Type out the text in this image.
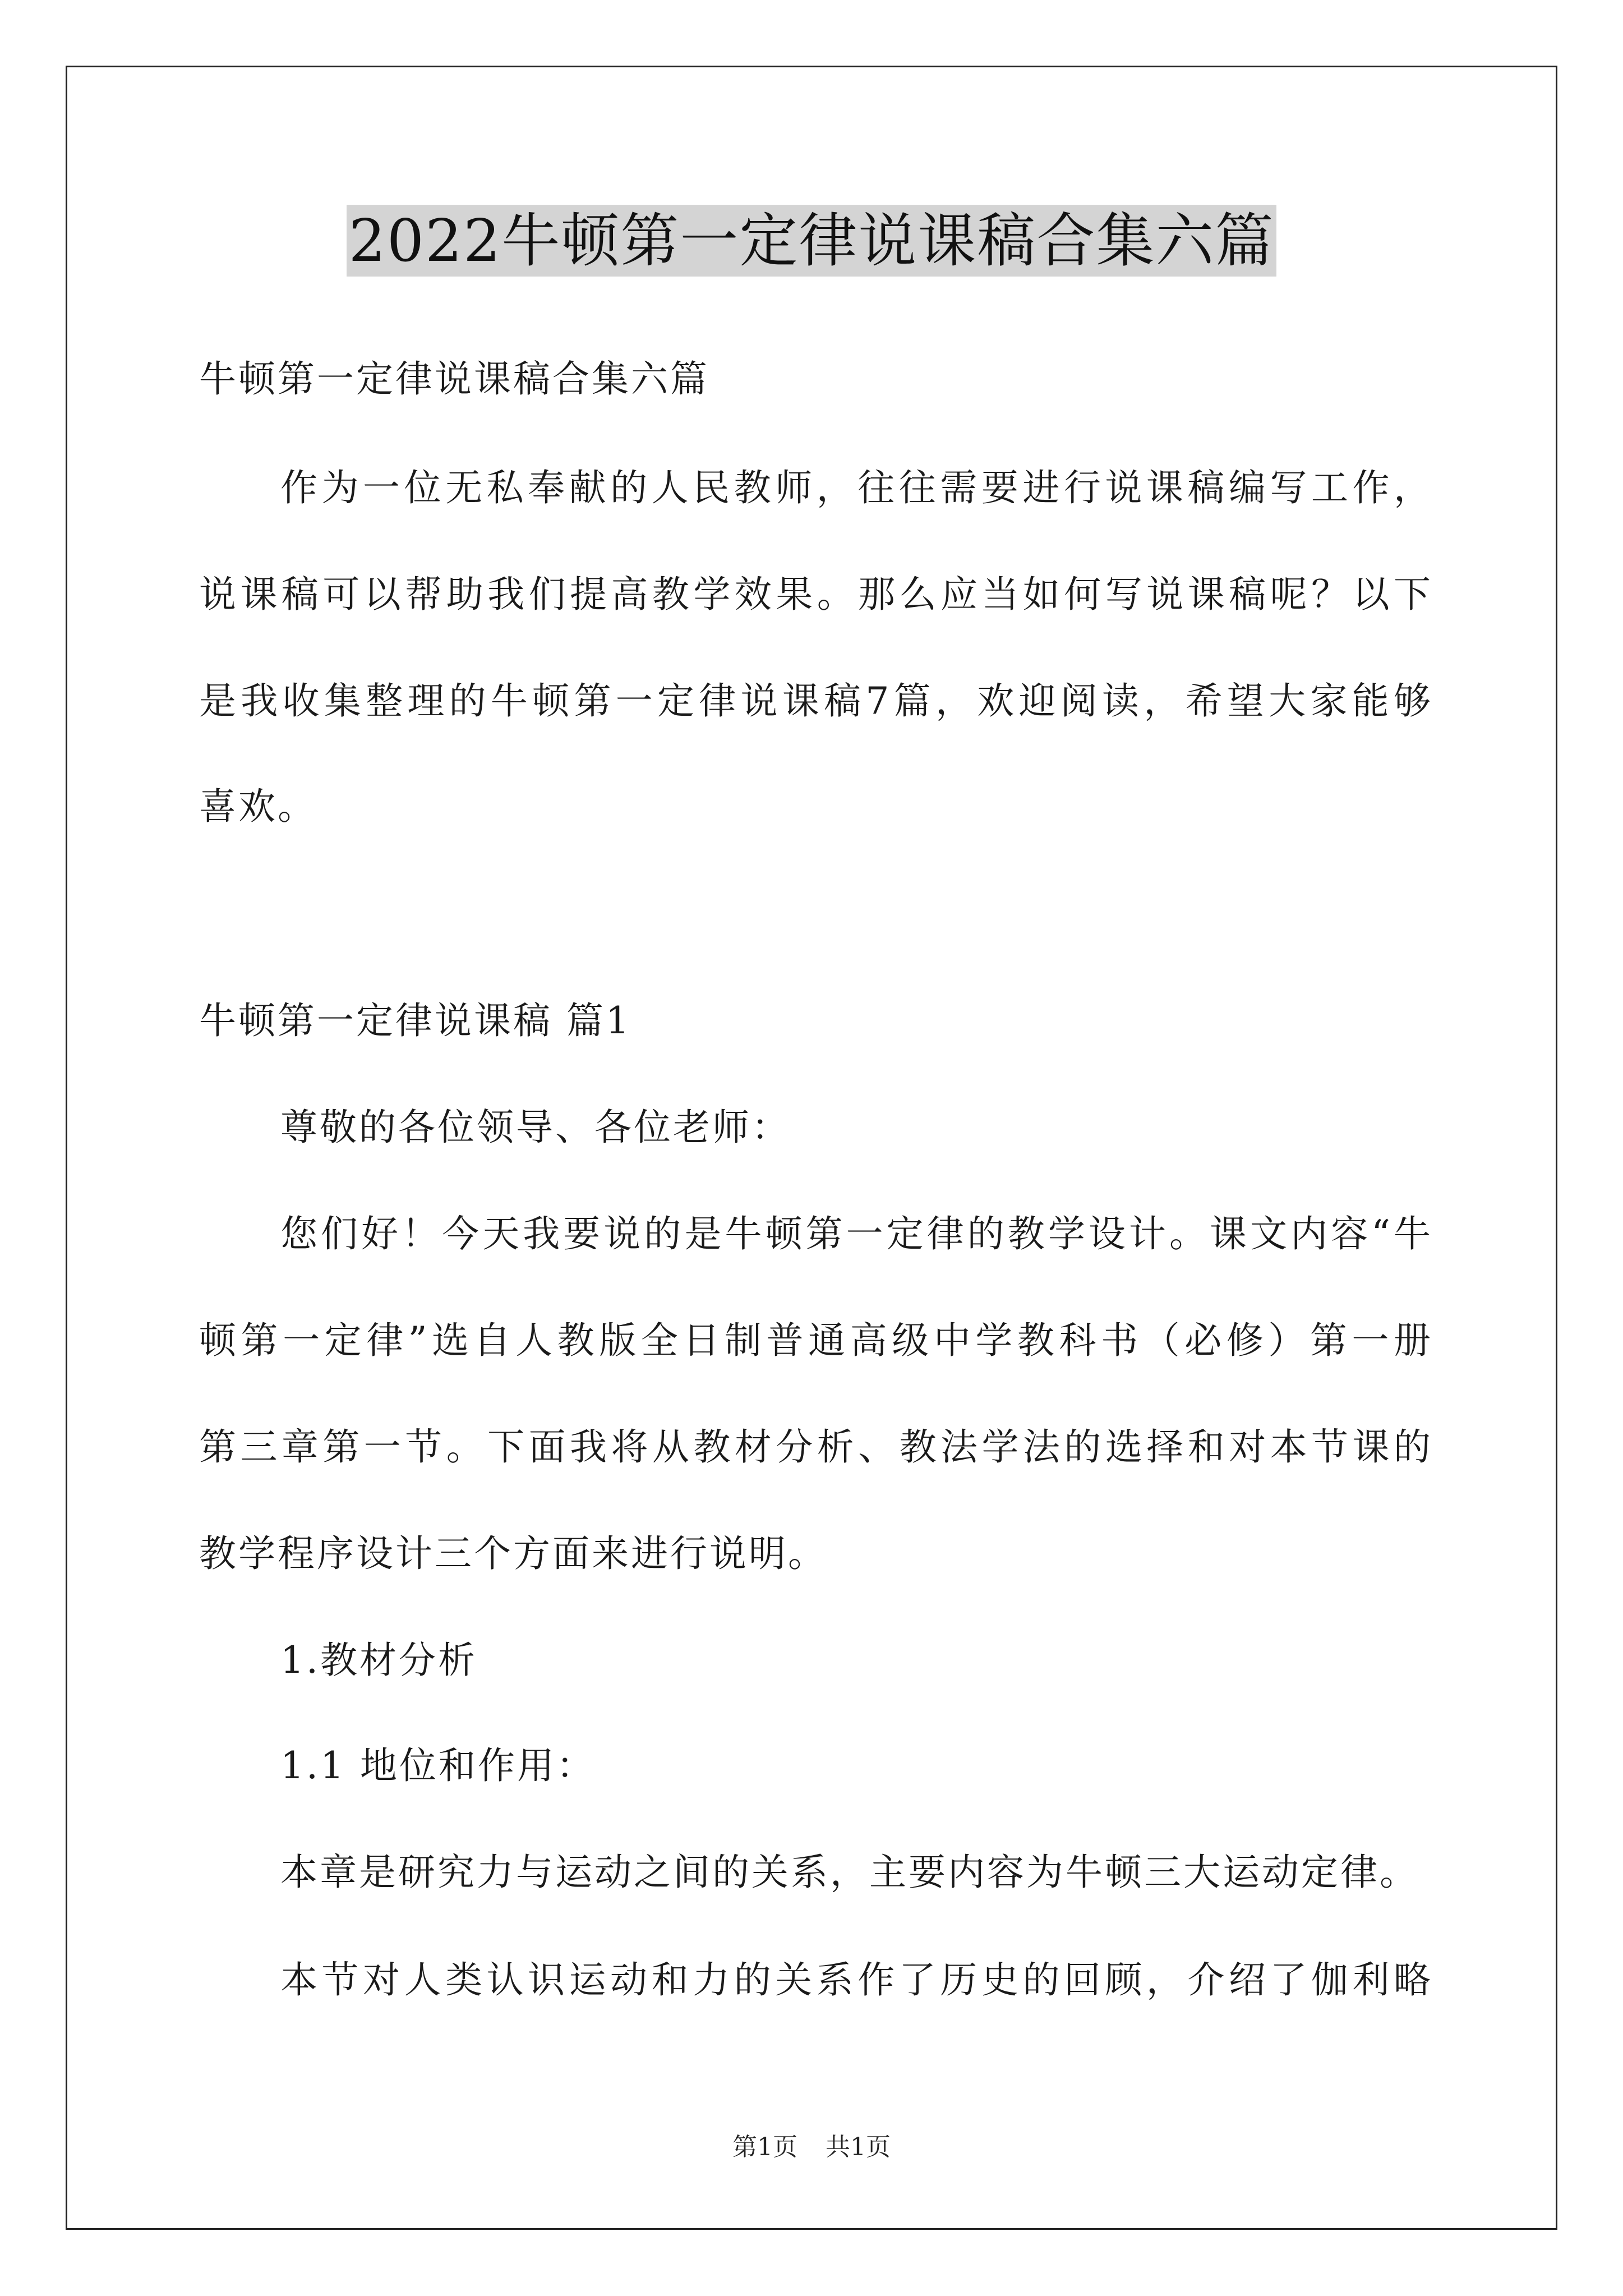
2022牛顿第一定律说课稿合集六篇
牛顿第一定律说课稿合集六篇
作为一位无私奉献的人民教师，往往需要进行说课稿编写工作，
说课稿可以帮助我们提高教学效果。那么应当如何写说课稿呢？以下
是我收集整理的牛顿第一定律说课稿7篇，欢迎阅读，希望大家能够
喜欢。
牛顿第一定律说课稿 篇1
尊敬的各位领导、各位老师：
您们好！今天我要说的是牛顿第一定律的教学设计。课文内容“牛
顿第一定律”选自人教版全日制普通高级中学教科书（必修）第一册
第三章第一节。下面我将从教材分析、教法学法的选择和对本节课的
教学程序设计三个方面来进行说明。
1.教材分析
1.1 地位和作用：
本章是研究力与运动之间的关系，主要内容为牛顿三大运动定律。
本节对人类认识运动和力的关系作了历史的回顾，介绍了伽利略
第1页 共1页
